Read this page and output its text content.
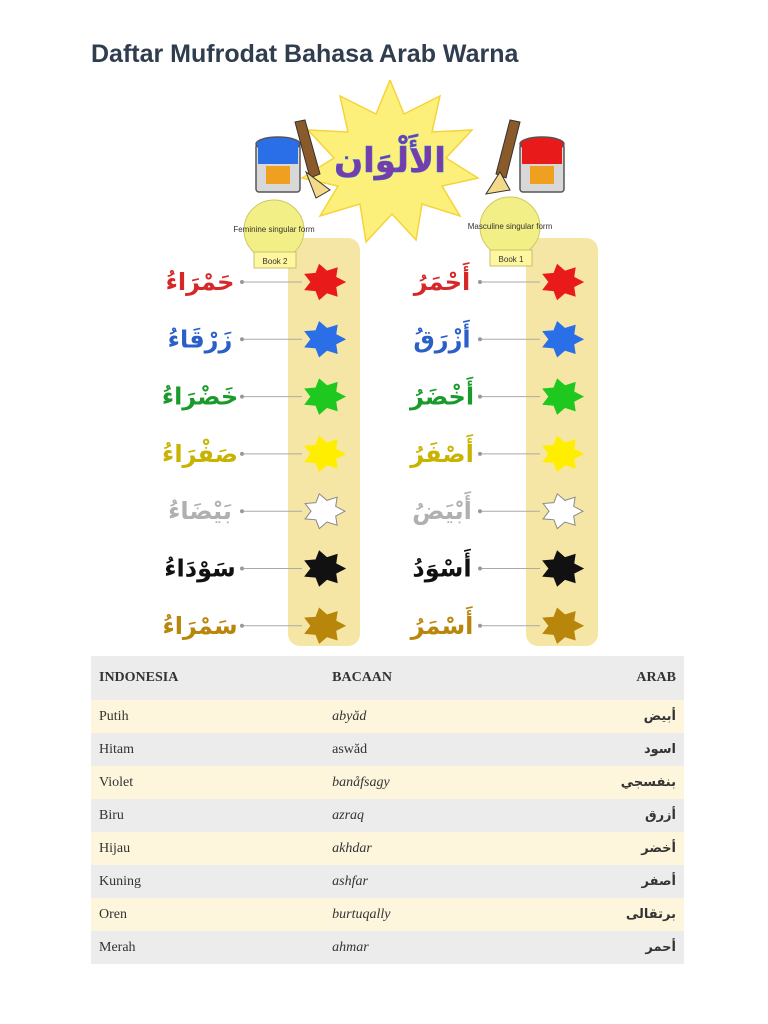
Daftar Mufrodat Bahasa Arab Warna
الأَلْوَان
Feminine singular form
Book 2
Masculine singular form
Book 1
حَمْرَاءُ	أَحْمَرُ
زَرْقَاءُ	أَزْرَقُ
خَضْرَاءُ	أَخْضَرُ
صَفْرَاءُ	أَصْفَرُ
بَيْضَاءُ	أَبْيَضُ
سَوْدَاءُ	أَسْوَدُ
سَمْرَاءُ	أَسْمَرُ
INDONESIA	BACAAN	ARAB
Putih	abyăd	أبيض
Hitam	aswăd	اسود
Violet	banåfsagy	بنفسجي
Biru	azraq	أزرق
Hijau	akhdar	أخضر
Kuning	ashfar	أصفر
Oren	burtuqally	برتقالى
Merah	ahmar	أحمر
